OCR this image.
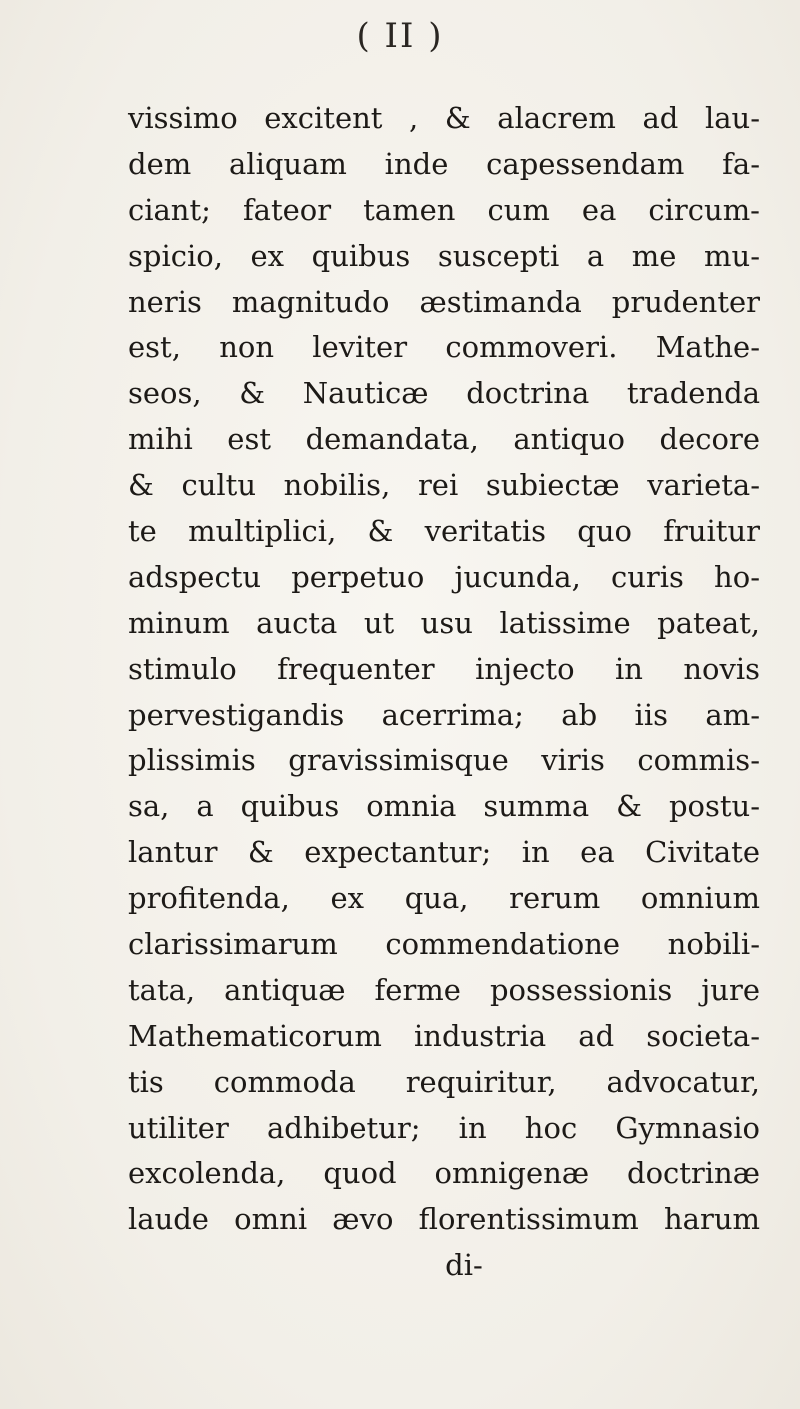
( II )
vissimo excitent , & alacrem ad lau-
dem aliquam inde capessendam fa-
ciant; fateor tamen cum ea circum-
spicio, ex quibus suscepti a me mu-
neris magnitudo æstimanda prudenter
est, non leviter commoveri. Mathe-
seos, & Nauticæ doctrina tradenda
mihi est demandata, antiquo decore
& cultu nobilis, rei subiectæ varieta-
te multiplici, & veritatis quo fruitur
adspectu perpetuo jucunda, curis ho-
minum aucta ut usu latissime pateat,
stimulo frequenter injecto in novis
pervestigandis acerrima; ab iis am-
plissimis gravissimisque viris commis-
sa, a quibus omnia summa & postu-
lantur & expectantur; in ea Civitate
profitenda, ex qua, rerum omnium
clarissimarum commendatione nobili-
tata, antiquæ ferme possessionis jure
Mathematicorum industria ad societa-
tis commoda requiritur, advocatur,
utiliter adhibetur; in hoc Gymnasio
excolenda, quod omnigenæ doctrinæ
laude omni ævo florentissimum harum
di-
